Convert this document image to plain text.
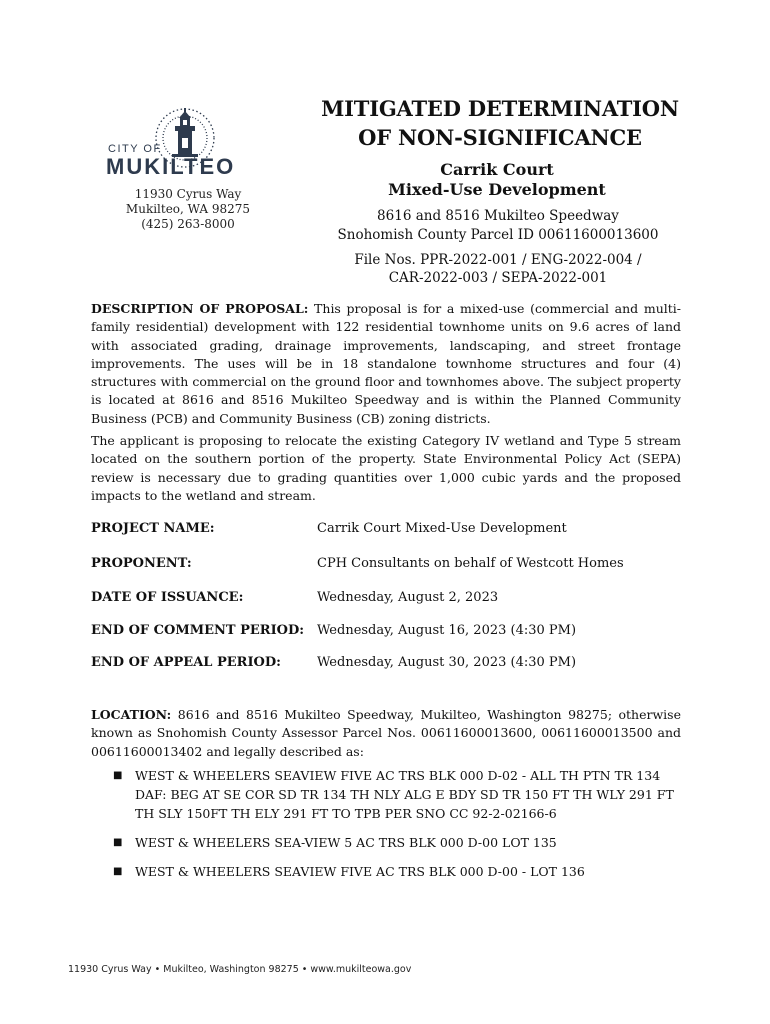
CITY OF
MUKILTEO
11930 Cyrus Way
Mukilteo, WA 98275
(425) 263-8000
MITIGATED DETERMINATION
OF NON-SIGNIFICANCE
Carrik Court
Mixed-Use Development
8616 and 8516 Mukilteo Speedway
Snohomish County Parcel ID 00611600013600
File Nos. PPR-2022-001 / ENG-2022-004 /
CAR-2022-003 / SEPA-2022-001
DESCRIPTION OF PROPOSAL: This proposal is for a mixed-use (commercial and multi-family residential) development with 122 residential townhome units on 9.6 acres of land with associated grading, drainage improvements, landscaping, and street frontage improvements. The uses will be in 18 standalone townhome structures and four (4) structures with commercial on the ground floor and townhomes above. The subject property is located at 8616 and 8516 Mukilteo Speedway and is within the Planned Community Business (PCB) and Community Business (CB) zoning districts.
The applicant is proposing to relocate the existing Category IV wetland and Type 5 stream located on the southern portion of the property. State Environmental Policy Act (SEPA) review is necessary due to grading quantities over 1,000 cubic yards and the proposed impacts to the wetland and stream.
PROJECT NAME:	Carrik Court Mixed-Use Development
PROPONENT:	CPH Consultants on behalf of Westcott Homes
DATE OF ISSUANCE:	Wednesday, August 2, 2023
END OF COMMENT PERIOD: Wednesday, August 16, 2023 (4:30 PM)
END OF APPEAL PERIOD:	Wednesday, August 30, 2023 (4:30 PM)
LOCATION: 8616 and 8516 Mukilteo Speedway, Mukilteo, Washington 98275; otherwise known as Snohomish County Assessor Parcel Nos. 00611600013600, 00611600013500 and 00611600013402 and legally described as:
■	WEST & WHEELERS SEAVIEW FIVE AC TRS BLK 000 D-02 - ALL TH PTN TR 134 DAF: BEG AT SE COR SD TR 134 TH NLY ALG E BDY SD TR 150 FT TH WLY 291 FT TH SLY 150FT TH ELY 291 FT TO TPB PER SNO CC 92-2-02166-6
■	WEST & WHEELERS SEA-VIEW 5 AC TRS BLK 000 D-00 LOT 135
■	WEST & WHEELERS SEAVIEW FIVE AC TRS BLK 000 D-00 - LOT 136
11930 Cyrus Way • Mukilteo, Washington 98275 • www.mukilteowa.gov
